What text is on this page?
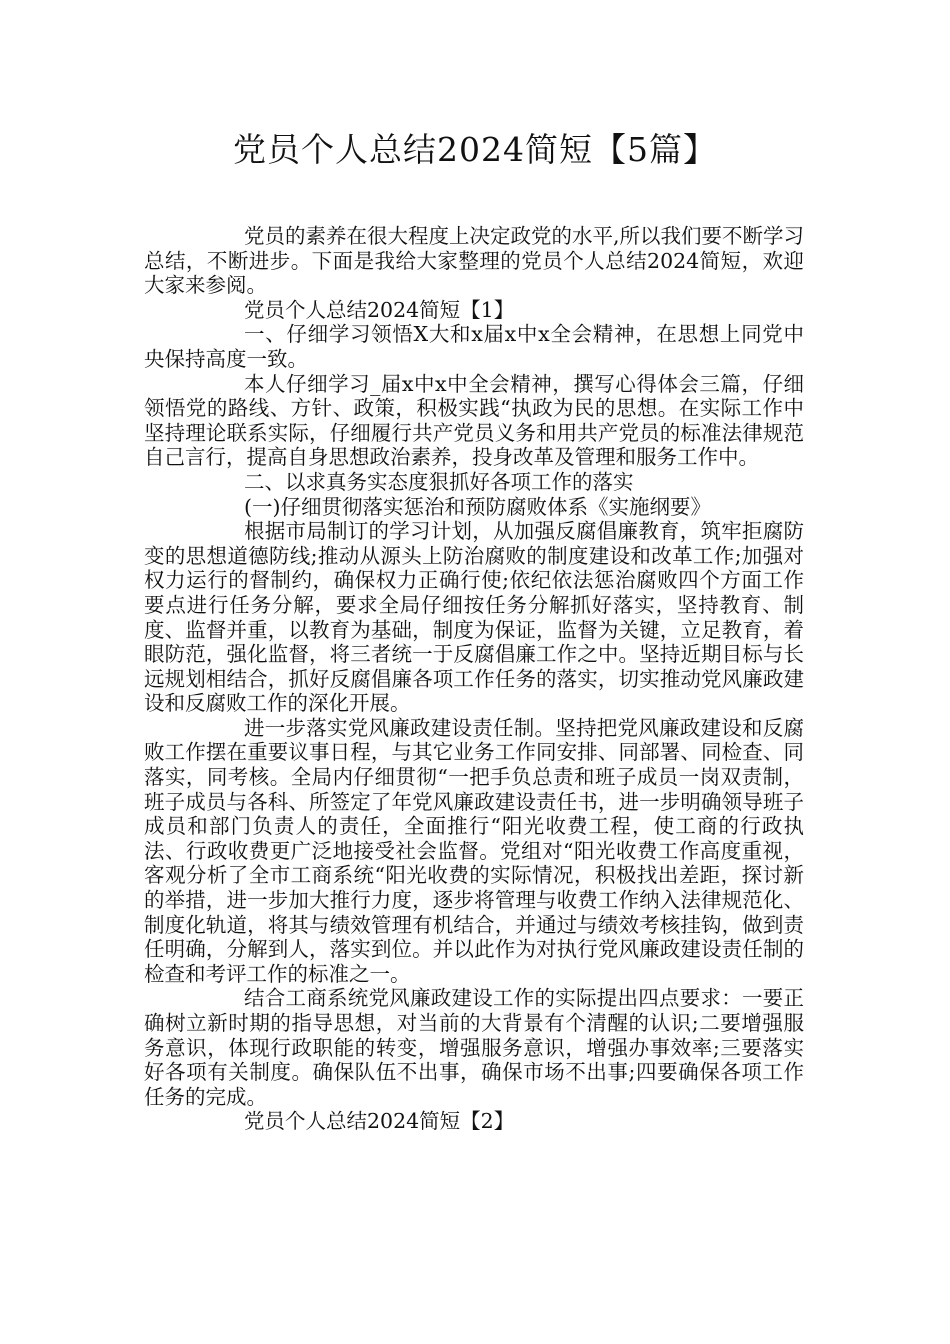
党员个人总结2024简短【5篇】

党员的素养在很大程度上决定政党的水平,所以我们要不断学习总结，不断进步。下面是我给大家整理的党员个人总结2024简短，欢迎大家来参阅。

党员个人总结2024简短【1】

一、仔细学习领悟X大和x届x中x全会精神，在思想上同党中央保持高度一致。

本人仔细学习_届x中x中全会精神，撰写心得体会三篇，仔细领悟党的路线、方针、政策，积极实践“执政为民的思想。在实际工作中坚持理论联系实际，仔细履行共产党员义务和用共产党员的标准法律规范自己言行，提高自身思想政治素养，投身改革及管理和服务工作中。

二、以求真务实态度狠抓好各项工作的落实

(一)仔细贯彻落实惩治和预防腐败体系《实施纲要》

根据市局制订的学习计划，从加强反腐倡廉教育，筑牢拒腐防变的思想道德防线;推动从源头上防治腐败的制度建设和改革工作;加强对权力运行的督制约，确保权力正确行使;依纪依法惩治腐败四个方面工作要点进行任务分解，要求全局仔细按任务分解抓好落实，坚持教育、制度、监督并重，以教育为基础，制度为保证，监督为关键，立足教育，着眼防范，强化监督，将三者统一于反腐倡廉工作之中。坚持近期目标与长远规划相结合，抓好反腐倡廉各项工作任务的落实，切实推动党风廉政建设和反腐败工作的深化开展。

进一步落实党风廉政建设责任制。坚持把党风廉政建设和反腐败工作摆在重要议事日程，与其它业务工作同安排、同部署、同检查、同落实，同考核。全局内仔细贯彻“一把手负总责和班子成员一岗双责制，班子成员与各科、所签定了年党风廉政建设责任书，进一步明确领导班子成员和部门负责人的责任，全面推行“阳光收费工程，使工商的行政执法、行政收费更广泛地接受社会监督。党组对“阳光收费工作高度重视，客观分析了全市工商系统“阳光收费的实际情况，积极找出差距，探讨新的举措，进一步加大推行力度，逐步将管理与收费工作纳入法律规范化、制度化轨道，将其与绩效管理有机结合，并通过与绩效考核挂钩，做到责任明确，分解到人，落实到位。并以此作为对执行党风廉政建设责任制的检查和考评工作的标准之一。

结合工商系统党风廉政建设工作的实际提出四点要求：一要正确树立新时期的指导思想，对当前的大背景有个清醒的认识;二要增强服务意识，体现行政职能的转变，增强服务意识，增强办事效率;三要落实好各项有关制度。确保队伍不出事，确保市场不出事;四要确保各项工作任务的完成。

党员个人总结2024简短【2】
